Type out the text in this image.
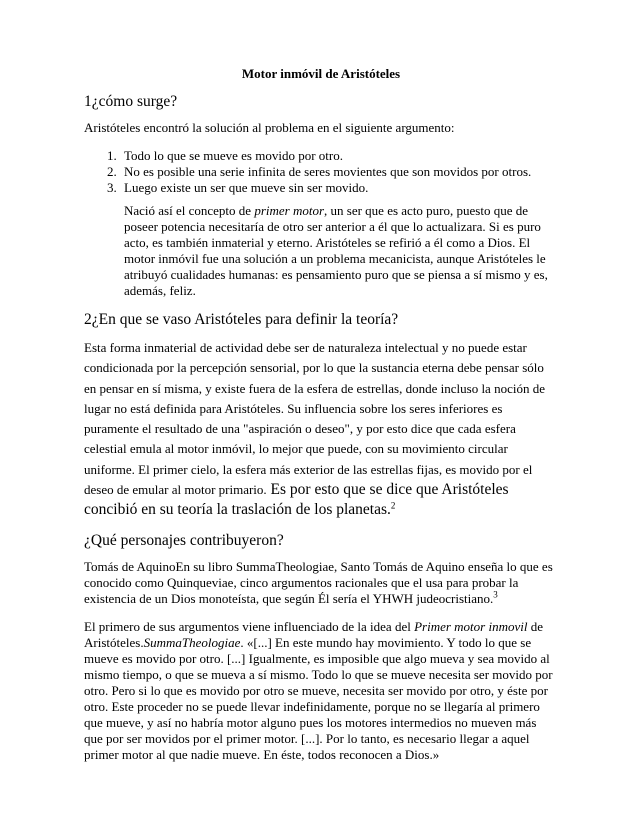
Motor inmóvil de Aristóteles
1¿cómo surge?

Aristóteles encontró la solución al problema en el siguiente argumento:

1. Todo lo que se mueve es movido por otro.
2. No es posible una serie infinita de seres movientes que son movidos por otros.
3. Luego existe un ser que mueve sin ser movido.

Nació así el concepto de primer motor, un ser que es acto puro, puesto que de poseer potencia necesitaría de otro ser anterior a él que lo actualizara. Si es puro acto, es también inmaterial y eterno. Aristóteles se refirió a él como a Dios. El motor inmóvil fue una solución a un problema mecanicista, aunque Aristóteles le atribuyó cualidades humanas: es pensamiento puro que se piensa a sí mismo y es, además, feliz.

2¿En que se vaso Aristóteles para definir la teoría?

Esta forma inmaterial de actividad debe ser de naturaleza intelectual y no puede estar condicionada por la percepción sensorial, por lo que la sustancia eterna debe pensar sólo en pensar en sí misma, y existe fuera de la esfera de estrellas, donde incluso la noción de lugar no está definida para Aristóteles. Su influencia sobre los seres inferiores es puramente el resultado de una "aspiración o deseo", y por esto dice que cada esfera celestial emula al motor inmóvil, lo mejor que puede, con su movimiento circular uniforme. El primer cielo, la esfera más exterior de las estrellas fijas, es movido por el deseo de emular al motor primario. Es por esto que se dice que Aristóteles concibió en su teoría la traslación de los planetas.$^2$

¿Qué personajes contribuyeron?

Tomás de AquinoEn su libro SummaTheologiae, Santo Tomás de Aquino enseña lo que es conocido como Quinqueviae, cinco argumentos racionales que el usa para probar la existencia de un Dios monoteísta, que según Él sería el YHWH judeocristiano.$^3$

El primero de sus argumentos viene influenciado de la idea del Primer motor inmovil de Aristóteles.SummaTheologiae. «[...] En este mundo hay movimiento. Y todo lo que se mueve es movido por otro. [...] Igualmente, es imposible que algo mueva y sea movido al mismo tiempo, o que se mueva a sí mismo. Todo lo que se mueve necesita ser movido por otro. Pero si lo que es movido por otro se mueve, necesita ser movido por otro, y éste por otro. Este proceder no se puede llevar indefinidamente, porque no se llegaría al primero que mueve, y así no habría motor alguno pues los motores intermedios no mueven más que por ser movidos por el primer motor. [...]. Por lo tanto, es necesario llegar a aquel primer motor al que nadie mueve. En éste, todos reconocen a Dios.»
